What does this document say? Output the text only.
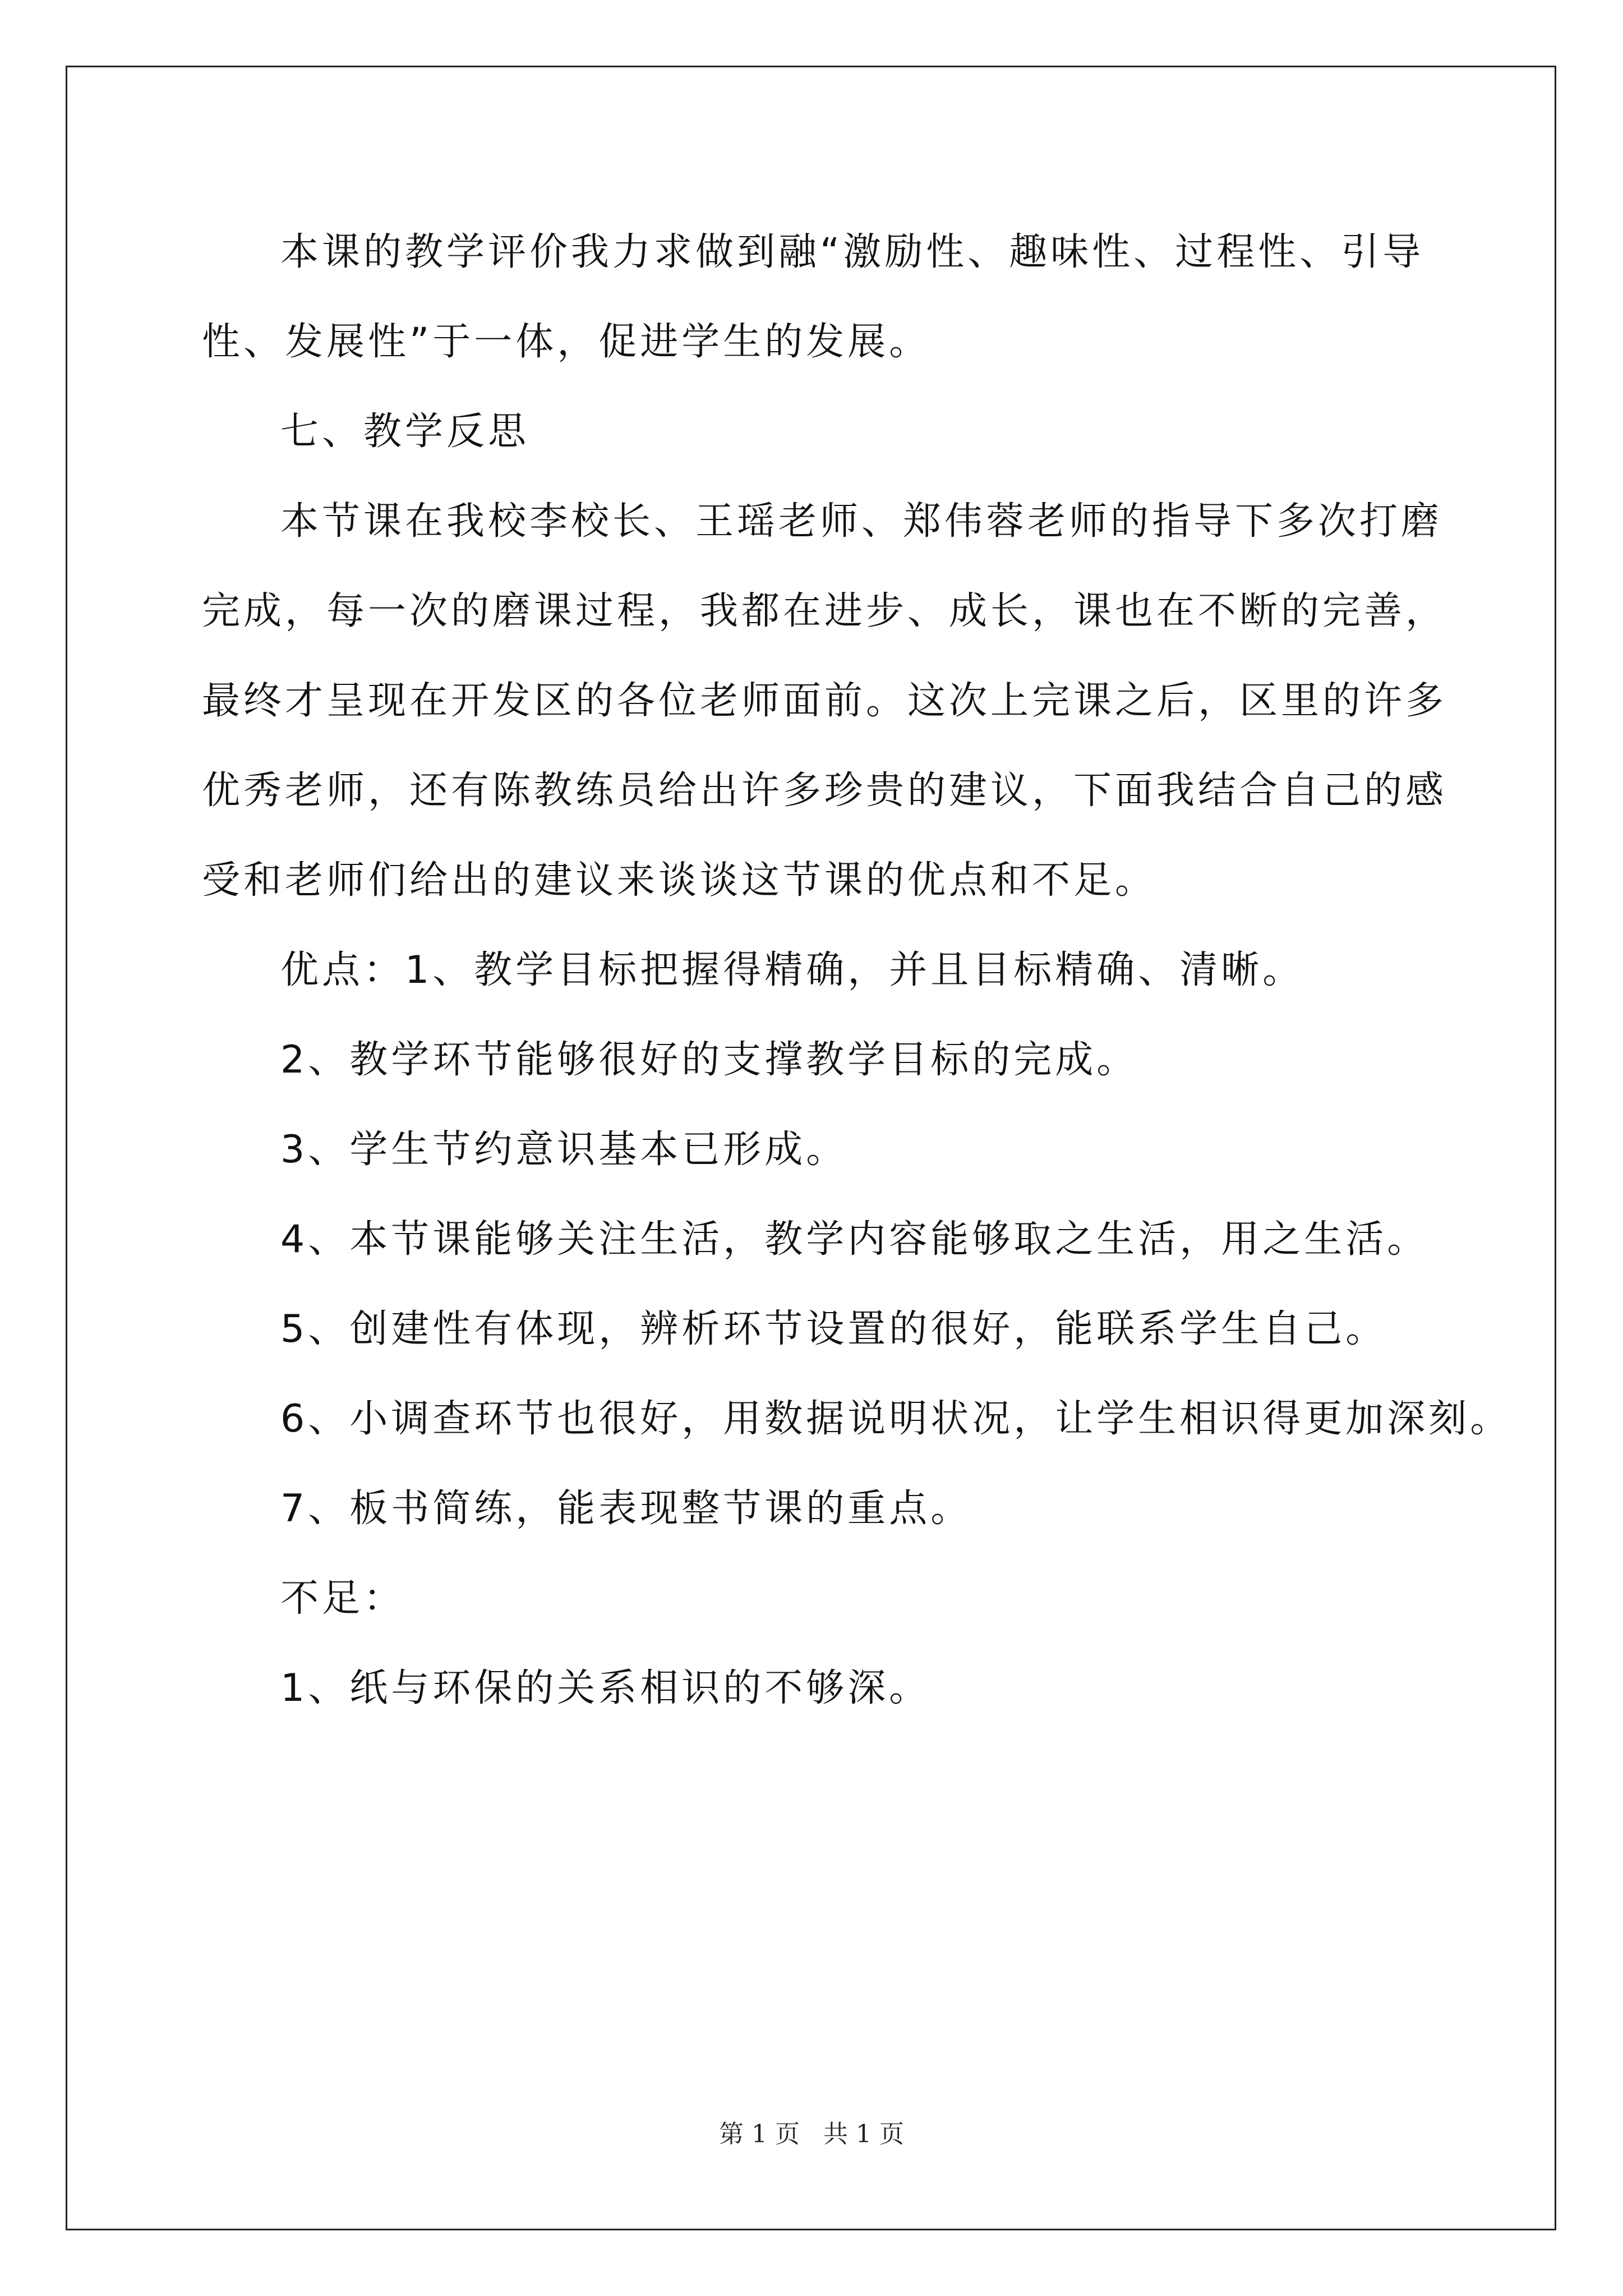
本课的教学评价我力求做到融“激励性、趣味性、过程性、引导

性、发展性”于一体，促进学生的发展。

七、教学反思

本节课在我校李校长、王瑶老师、郑伟蓉老师的指导下多次打磨

完成，每一次的磨课过程，我都在进步、成长，课也在不断的完善，

最终才呈现在开发区的各位老师面前。这次上完课之后，区里的许多

优秀老师，还有陈教练员给出许多珍贵的建议，下面我结合自己的感

受和老师们给出的建议来谈谈这节课的优点和不足。

优点：1、教学目标把握得精确，并且目标精确、清晰。

2、教学环节能够很好的支撑教学目标的完成。

3、学生节约意识基本已形成。

4、本节课能够关注生活，教学内容能够取之生活，用之生活。

5、创建性有体现，辨析环节设置的很好，能联系学生自己。

6、小调查环节也很好，用数据说明状况，让学生相识得更加深刻。

7、板书简练，能表现整节课的重点。

不足：

1、纸与环保的关系相识的不够深。

第 1 页 共 1 页
